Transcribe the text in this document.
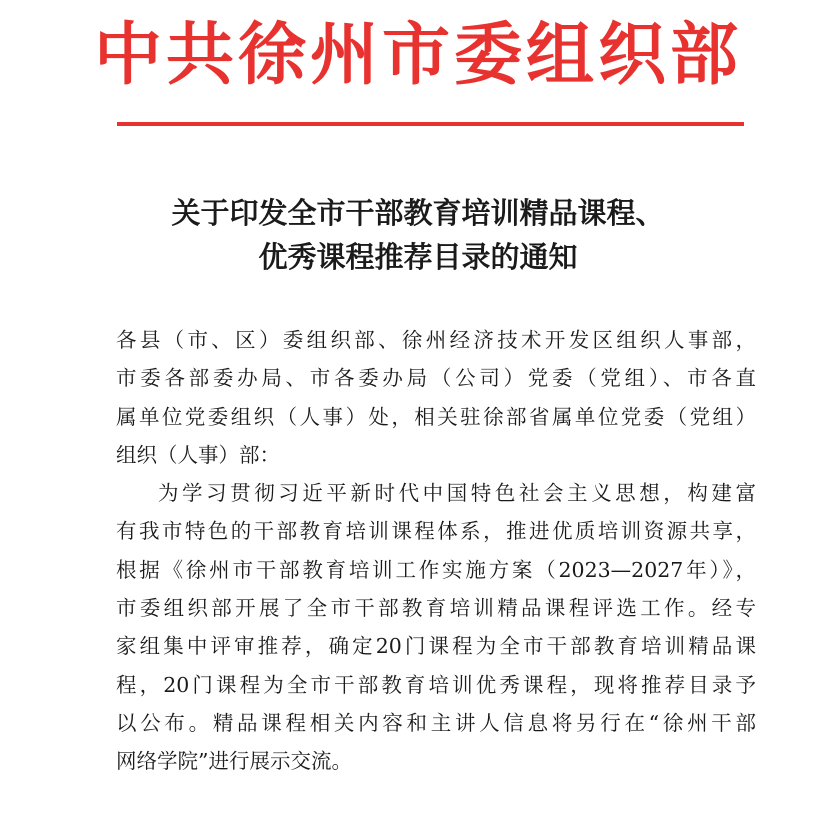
中共徐州市委组织部
关于印发全市干部教育培训精品课程、
优秀课程推荐目录的通知
各县（市、区）委组织部、徐州经济技术开发区组织人事部，
市委各部委办局、市各委办局（公司）党委（党组）、市各直
属单位党委组织（人事）处，相关驻徐部省属单位党委（党组）
组织（人事）部：
为学习贯彻习近平新时代中国特色社会主义思想，构建富
有我市特色的干部教育培训课程体系，推进优质培训资源共享，
根据《徐州市干部教育培训工作实施方案（2023—2027年）》，
市委组织部开展了全市干部教育培训精品课程评选工作。经专
家组集中评审推荐，确定20门课程为全市干部教育培训精品课
程，20门课程为全市干部教育培训优秀课程，现将推荐目录予
以公布。精品课程相关内容和主讲人信息将另行在“徐州干部
网络学院”进行展示交流。
